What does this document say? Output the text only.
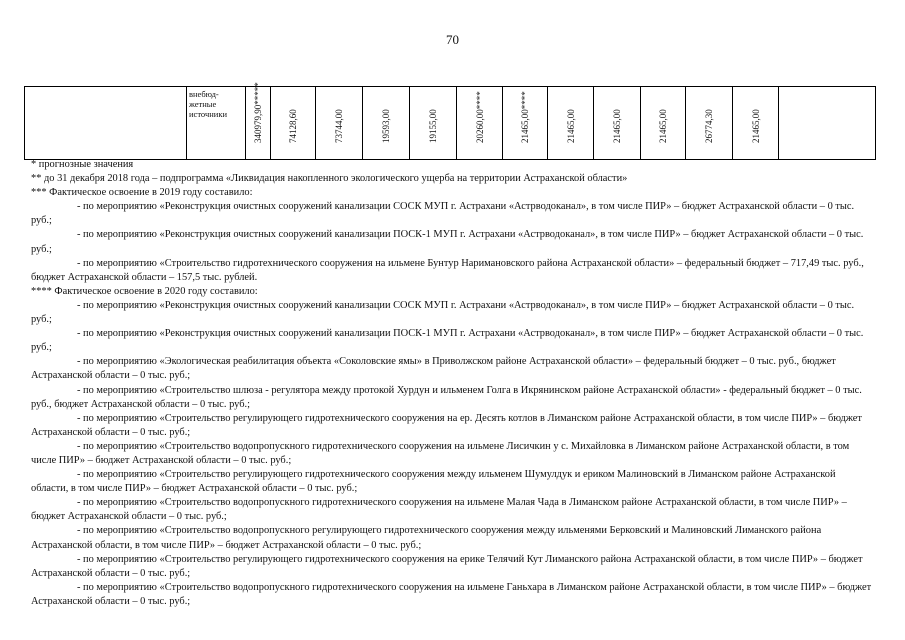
70
	внебюд-
жетные
источники	340979,90*****	74128,60	73744,00	19593,00	19155,00	20260,00****	21465,00****	21465,00	21465,00	21465,00	26774,30	21465,00

* прогнозные значения

** до 31 декабря 2018 года – подпрограмма «Ликвидация накопленного экологического ущерба на территории Астраханской области»

*** Фактическое освоение в 2019 году составило:

- по мероприятию «Реконструкция очистных сооружений канализации СОСК МУП г. Астрахани «Астрводоканал», в том числе ПИР» – бюджет Астраханской области – 0 тыс. руб.;

- по мероприятию «Реконструкция очистных сооружений канализации ПОСК-1 МУП г. Астрахани «Астрводоканал», в том числе ПИР» – бюджет Астраханской области – 0 тыс. руб.;

- по мероприятию «Строительство гидротехнического сооружения на ильмене Бунтур Наримановского района Астраханской области» – федеральный бюджет – 717,49 тыс. руб., бюджет Астраханской области – 157,5 тыс. рублей.

**** Фактическое освоение в 2020 году составило:

- по мероприятию «Реконструкция очистных сооружений канализации СОСК МУП г. Астрахани «Астрводоканал», в том числе ПИР» – бюджет Астраханской области – 0 тыс. руб.;

- по мероприятию «Реконструкция очистных сооружений канализации ПОСК-1 МУП г. Астрахани «Астрводоканал», в том числе ПИР» – бюджет Астраханской области – 0 тыс. руб.;

- по мероприятию «Экологическая реабилитация объекта «Соколовские ямы» в Приволжском районе Астраханской области» – федеральный бюджет – 0 тыс. руб., бюджет Астраханской области – 0 тыс. руб.;

- по мероприятию «Строительство шлюза - регулятора между протокой Хурдун и ильменем Голга в Икрянинском районе Астраханской области» - федеральный бюджет – 0 тыс. руб., бюджет Астраханской области – 0 тыс. руб.;

- по мероприятию «Строительство регулирующего гидротехнического сооружения на ер. Десять котлов в Лиманском районе Астраханской области, в том числе ПИР» – бюджет Астраханской области – 0 тыс. руб.;

- по мероприятию «Строительство водопропускного гидротехнического сооружения на ильмене Лисичкин у с. Михайловка в Лиманском районе Астраханской области, в том числе ПИР» – бюджет Астраханской области – 0 тыс. руб.;

- по мероприятию «Строительство регулирующего гидротехнического сооружения между ильменем Шумулдук и ериком Малиновский в Лиманском районе Астраханской области, в том числе ПИР» – бюджет Астраханской области – 0 тыс. руб.;

- по мероприятию «Строительство водопропускного гидротехнического сооружения на ильмене Малая Чада в Лиманском районе Астраханской области, в том числе ПИР» – бюджет Астраханской области – 0 тыс. руб.;

- по мероприятию «Строительство водопропускного регулирующего гидротехнического сооружения между ильменями Берковский и Малиновский Лиманского района Астраханской области, в том числе ПИР» – бюджет Астраханской области – 0 тыс. руб.;

- по мероприятию «Строительство регулирующего гидротехнического сооружения на ерике Телячий Кут Лиманского района Астраханской области, в том числе ПИР» – бюджет Астраханской области – 0 тыс. руб.;

- по мероприятию «Строительство водопропускного гидротехнического сооружения на ильмене Ганьхара в Лиманском районе Астраханской области, в том числе ПИР» – бюджет Астраханской области – 0 тыс. руб.;
